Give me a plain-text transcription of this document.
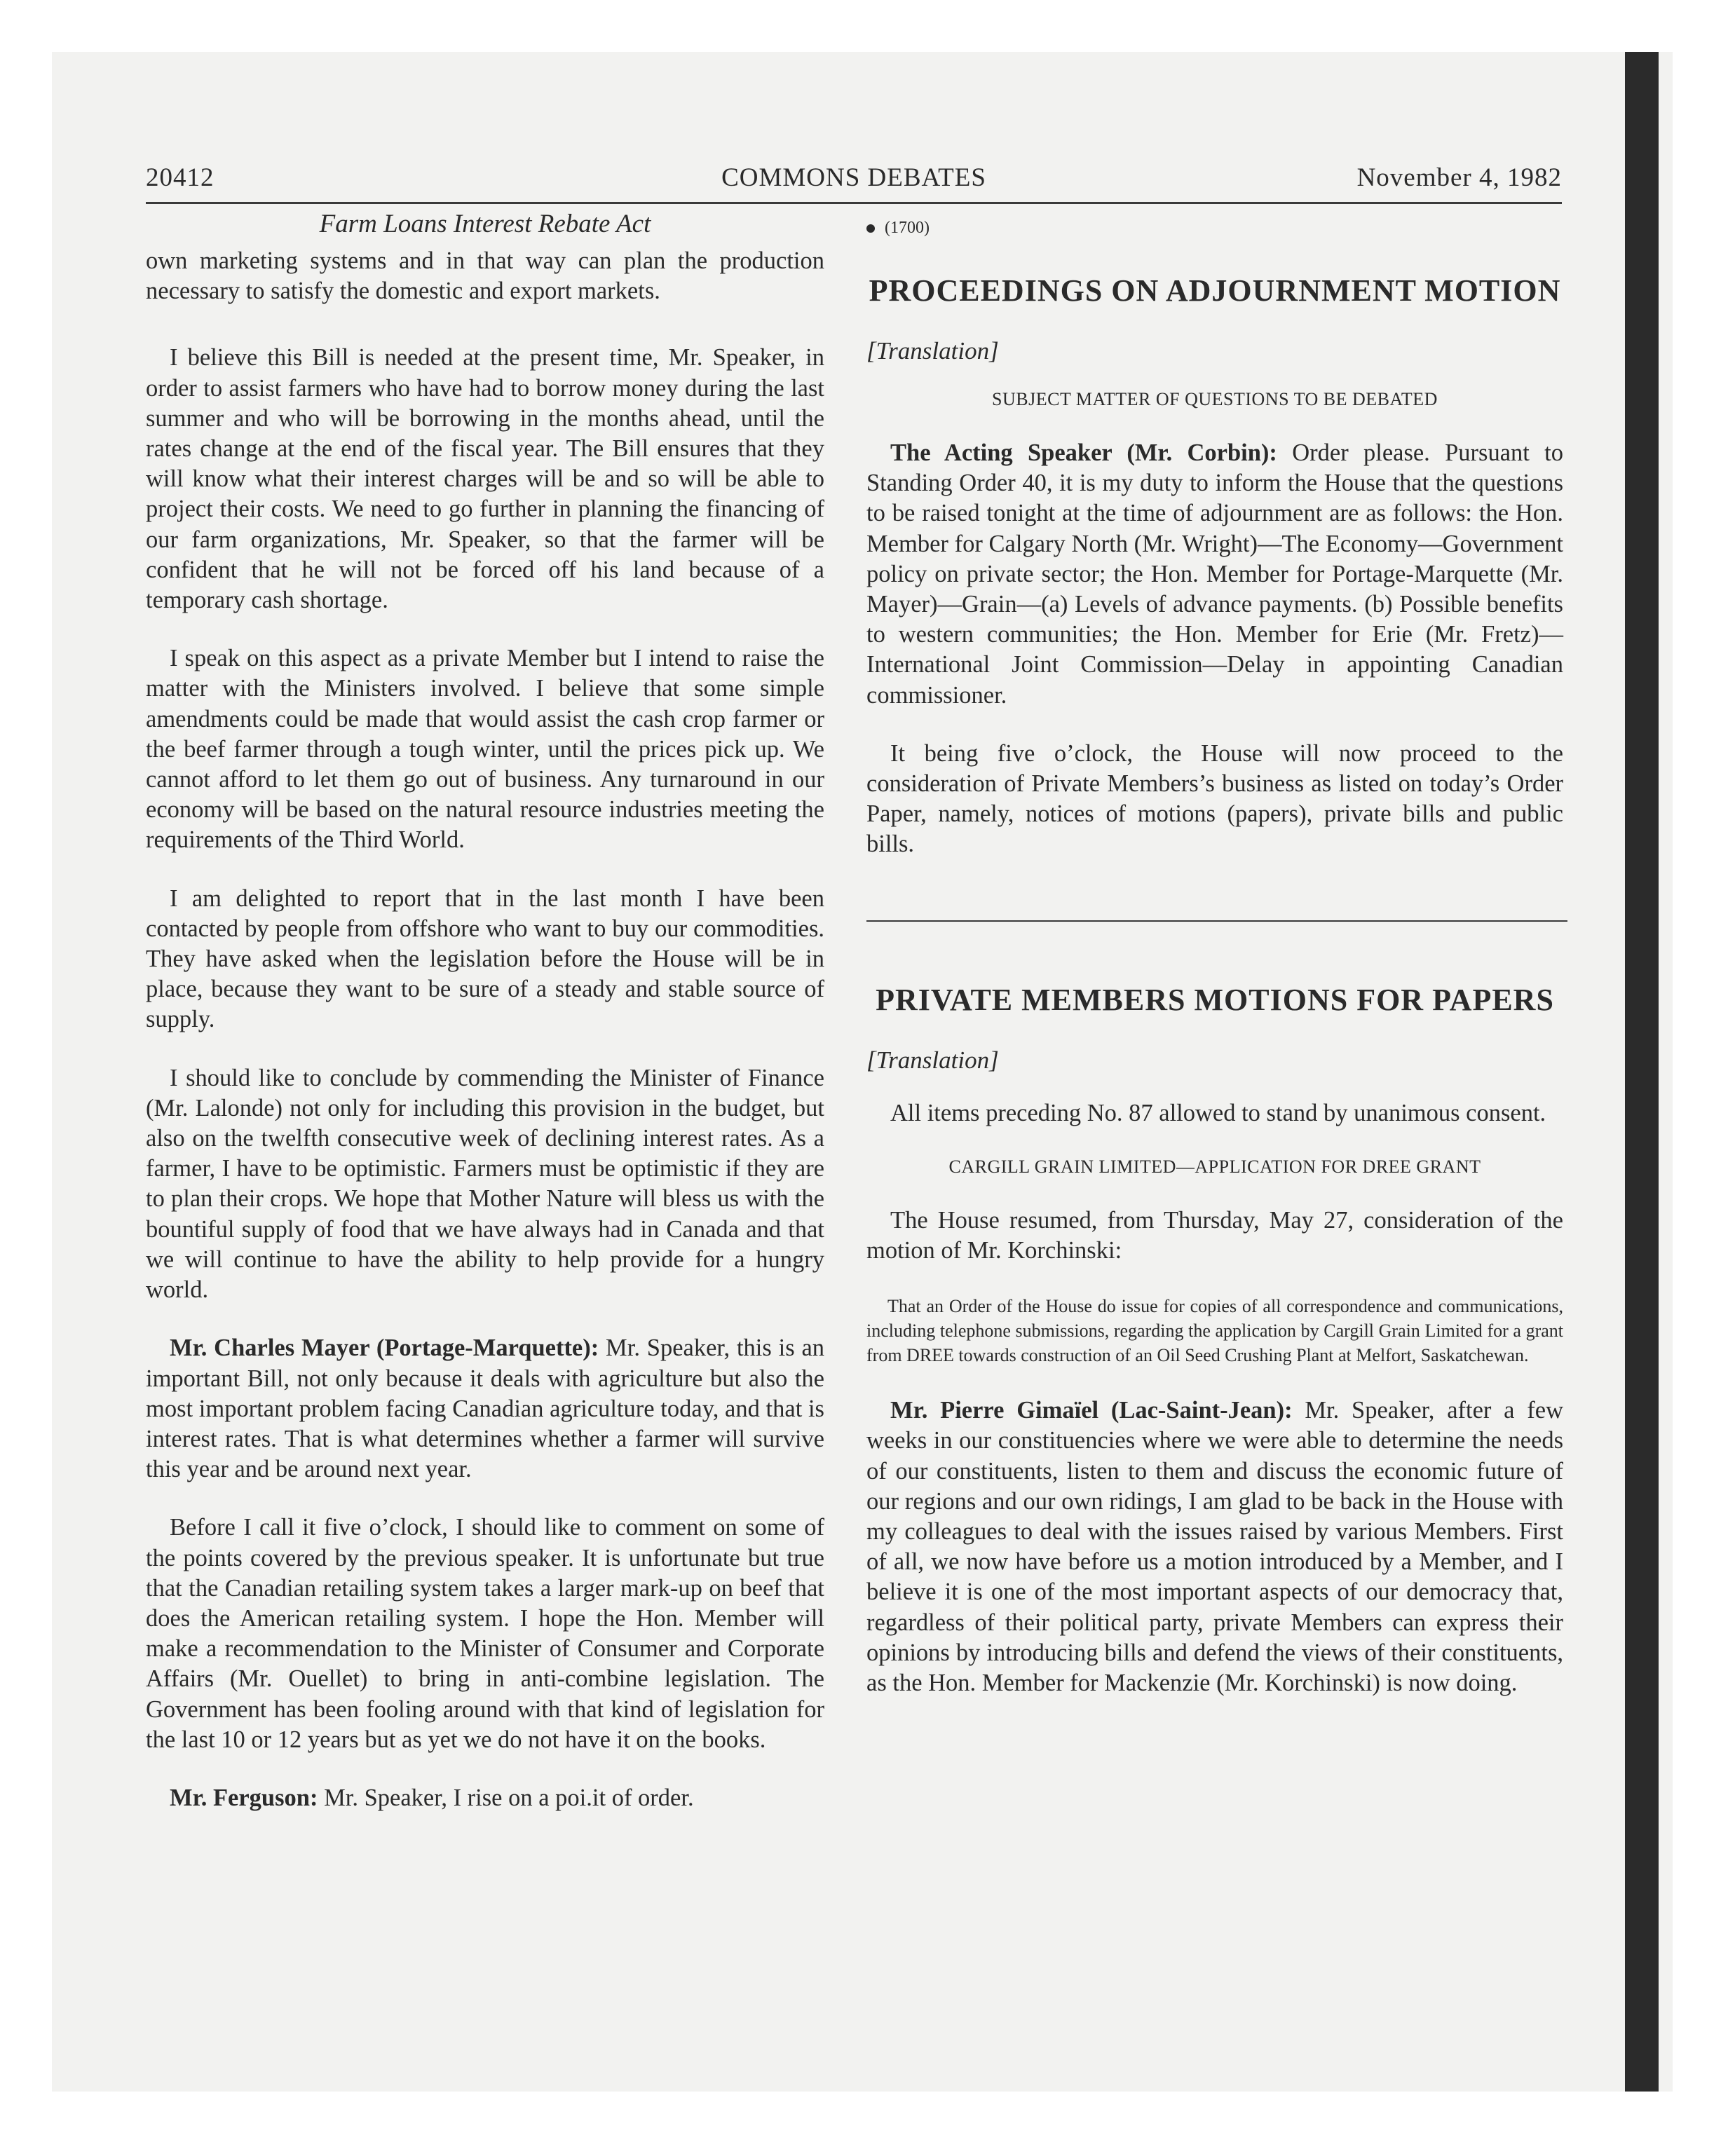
20412	COMMONS DEBATES	November 4, 1982
Farm Loans Interest Rebate Act

own marketing systems and in that way can plan the production necessary to satisfy the domestic and export markets.

I believe this Bill is needed at the present time, Mr. Speaker, in order to assist farmers who have had to borrow money during the last summer and who will be borrowing in the months ahead, until the rates change at the end of the fiscal year. The Bill ensures that they will know what their interest charges will be and so will be able to project their costs. We need to go further in planning the financing of our farm organizations, Mr. Speaker, so that the farmer will be confident that he will not be forced off his land because of a temporary cash shortage.

I speak on this aspect as a private Member but I intend to raise the matter with the Ministers involved. I believe that some simple amendments could be made that would assist the cash crop farmer or the beef farmer through a tough winter, until the prices pick up. We cannot afford to let them go out of business. Any turnaround in our economy will be based on the natural resource industries meeting the requirements of the Third World.

I am delighted to report that in the last month I have been contacted by people from offshore who want to buy our commodities. They have asked when the legislation before the House will be in place, because they want to be sure of a steady and stable source of supply.

I should like to conclude by commending the Minister of Finance (Mr. Lalonde) not only for including this provision in the budget, but also on the twelfth consecutive week of declining interest rates. As a farmer, I have to be optimistic. Farmers must be optimistic if they are to plan their crops. We hope that Mother Nature will bless us with the bountiful supply of food that we have always had in Canada and that we will continue to have the ability to help provide for a hungry world.

Mr. Charles Mayer (Portage-Marquette): Mr. Speaker, this is an important Bill, not only because it deals with agriculture but also the most important problem facing Canadian agriculture today, and that is interest rates. That is what determines whether a farmer will survive this year and be around next year.

Before I call it five o’clock, I should like to comment on some of the points covered by the previous speaker. It is unfortunate but true that the Canadian retailing system takes a larger mark-up on beef that does the American retailing system. I hope the Hon. Member will make a recommendation to the Minister of Consumer and Corporate Affairs (Mr. Ouellet) to bring in anti-combine legislation. The Government has been fooling around with that kind of legislation for the last 10 or 12 years but as yet we do not have it on the books.

Mr. Ferguson: Mr. Speaker, I rise on a poi.it of order.

(1700)
PROCEEDINGS ON ADJOURNMENT MOTION
[Translation]
SUBJECT MATTER OF QUESTIONS TO BE DEBATED

The Acting Speaker (Mr. Corbin): Order please. Pursuant to Standing Order 40, it is my duty to inform the House that the questions to be raised tonight at the time of adjournment are as follows: the Hon. Member for Calgary North (Mr. Wright)—The Economy—Government policy on private sector; the Hon. Member for Portage-Marquette (Mr. Mayer)—Grain—(a) Levels of advance payments. (b) Possible benefits to western communities; the Hon. Member for Erie (Mr. Fretz)—International Joint Commission—Delay in appointing Canadian commissioner.

It being five o’clock, the House will now proceed to the consideration of Private Members’s business as listed on today’s Order Paper, namely, notices of motions (papers), private bills and public bills.

PRIVATE MEMBERS MOTIONS FOR PAPERS
[Translation]

All items preceding No. 87 allowed to stand by unanimous consent.

CARGILL GRAIN LIMITED—APPLICATION FOR DREE GRANT

The House resumed, from Thursday, May 27, consideration of the motion of Mr. Korchinski:

That an Order of the House do issue for copies of all correspondence and communications, including telephone submissions, regarding the application by Cargill Grain Limited for a grant from DREE towards construction of an Oil Seed Crushing Plant at Melfort, Saskatchewan.

Mr. Pierre Gimaïel (Lac-Saint-Jean): Mr. Speaker, after a few weeks in our constituencies where we were able to determine the needs of our constituents, listen to them and discuss the economic future of our regions and our own ridings, I am glad to be back in the House with my colleagues to deal with the issues raised by various Members. First of all, we now have before us a motion introduced by a Member, and I believe it is one of the most important aspects of our democracy that, regardless of their political party, private Members can express their opinions by introducing bills and defend the views of their constituents, as the Hon. Member for Mackenzie (Mr. Korchinski) is now doing.
